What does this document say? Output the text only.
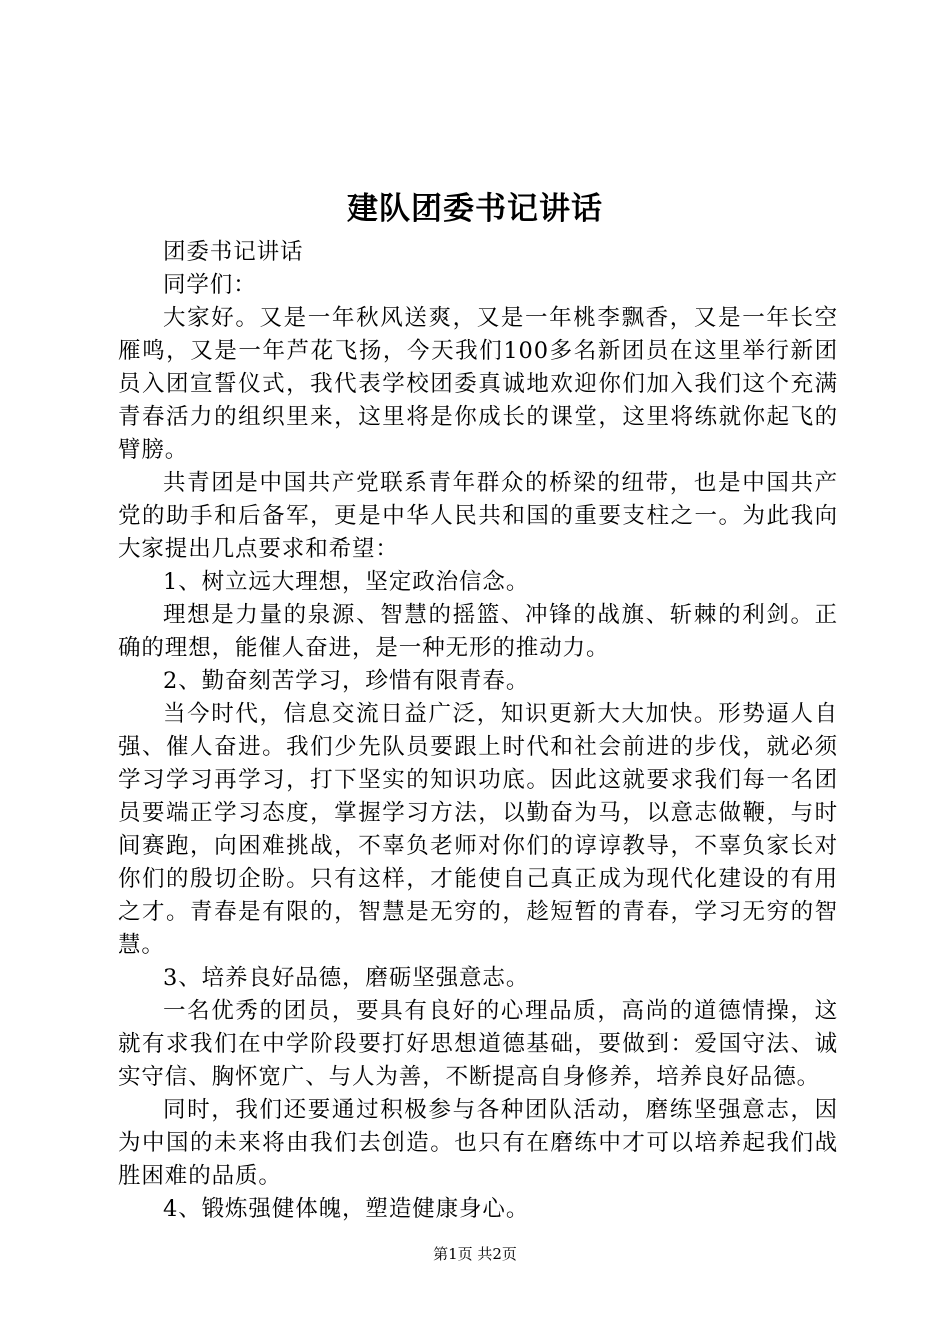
建队团委书记讲话

团委书记讲话

同学们：

大家好。又是一年秋风送爽，又是一年桃李飘香，又是一年长空雁鸣，又是一年芦花飞扬，今天我们100多名新团员在这里举行新团员入团宣誓仪式，我代表学校团委真诚地欢迎你们加入我们这个充满青春活力的组织里来，这里将是你成长的课堂，这里将练就你起飞的臂膀。

共青团是中国共产党联系青年群众的桥梁的纽带，也是中国共产党的助手和后备军，更是中华人民共和国的重要支柱之一。为此我向大家提出几点要求和希望：

1、树立远大理想，坚定政治信念。

理想是力量的泉源、智慧的摇篮、冲锋的战旗、斩棘的利剑。正确的理想，能催人奋进，是一种无形的推动力。

2、勤奋刻苦学习，珍惜有限青春。

当今时代，信息交流日益广泛，知识更新大大加快。形势逼人自强、催人奋进。我们少先队员要跟上时代和社会前进的步伐，就必须学习学习再学习，打下坚实的知识功底。因此这就要求我们每一名团员要端正学习态度，掌握学习方法，以勤奋为马，以意志做鞭，与时间赛跑，向困难挑战，不辜负老师对你们的谆谆教导，不辜负家长对你们的殷切企盼。只有这样，才能使自己真正成为现代化建设的有用之才。青春是有限的，智慧是无穷的，趁短暂的青春，学习无穷的智慧。

3、培养良好品德，磨砺坚强意志。

一名优秀的团员，要具有良好的心理品质，高尚的道德情操，这就有求我们在中学阶段要打好思想道德基础，要做到：爱国守法、诚实守信、胸怀宽广、与人为善，不断提高自身修养，培养良好品德。

同时，我们还要通过积极参与各种团队活动，磨练坚强意志，因为中国的未来将由我们去创造。也只有在磨练中才可以培养起我们战胜困难的品质。

4、锻炼强健体魄，塑造健康身心。

第1页 共2页
